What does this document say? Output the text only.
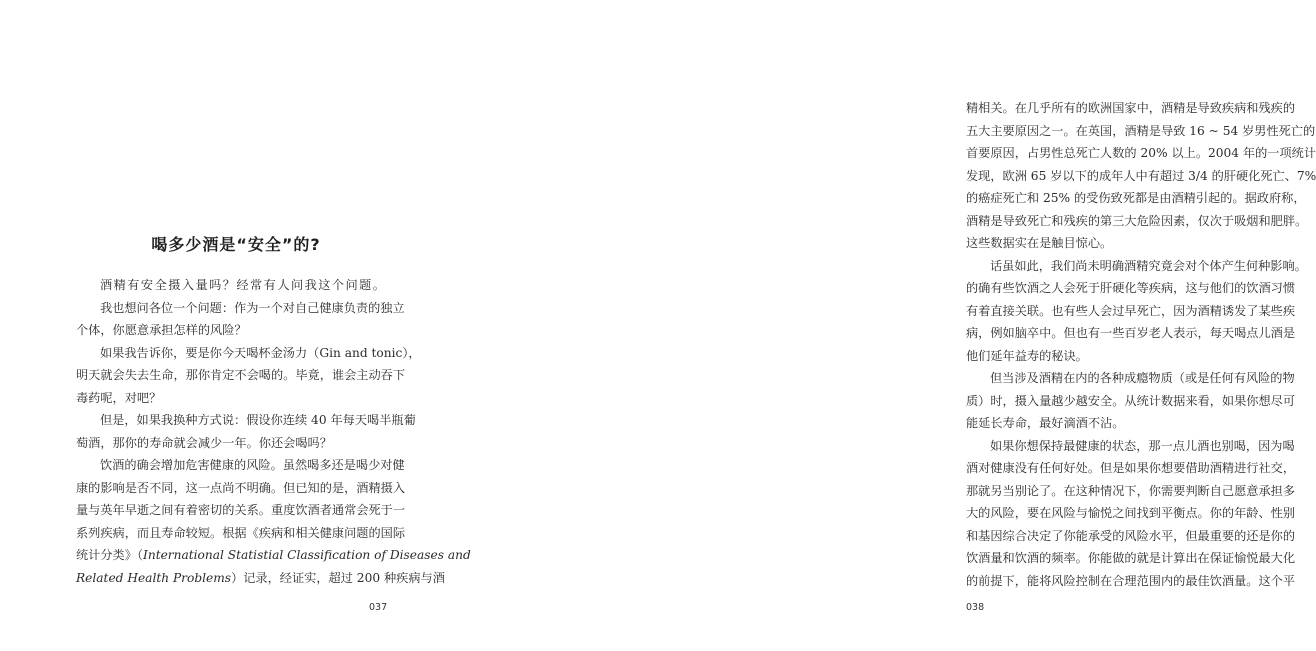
喝多少酒是“安全”的?
酒精有安全摄入量吗？经常有人问我这个问题。
我也想问各位一个问题：作为一个对自己健康负责的独立
个体，你愿意承担怎样的风险？
如果我告诉你，要是你今天喝杯金汤力（Gin and tonic），
明天就会失去生命，那你肯定不会喝的。毕竟，谁会主动吞下
毒药呢，对吧？
但是，如果我换种方式说：假设你连续 40 年每天喝半瓶葡
萄酒，那你的寿命就会减少一年。你还会喝吗？
饮酒的确会增加危害健康的风险。虽然喝多还是喝少对健
康的影响是否不同，这一点尚不明确。但已知的是，酒精摄入
量与英年早逝之间有着密切的关系。重度饮酒者通常会死于一
系列疾病，而且寿命较短。根据《疾病和相关健康问题的国际
统计分类》（International Statistial Classification of Diseases and
Related Health Problems）记录，经证实，超过 200 种疾病与酒
037
精相关。在几乎所有的欧洲国家中，酒精是导致疾病和残疾的
五大主要原因之一。在英国，酒精是导致 16 ~ 54 岁男性死亡的
首要原因，占男性总死亡人数的 20% 以上。2004 年的一项统计
发现，欧洲 65 岁以下的成年人中有超过 3/4 的肝硬化死亡、7%
的癌症死亡和 25% 的受伤致死都是由酒精引起的。据政府称，
酒精是导致死亡和残疾的第三大危险因素，仅次于吸烟和肥胖。
这些数据实在是触目惊心。
话虽如此，我们尚未明确酒精究竟会对个体产生何种影响。
的确有些饮酒之人会死于肝硬化等疾病，这与他们的饮酒习惯
有着直接关联。也有些人会过早死亡，因为酒精诱发了某些疾
病，例如脑卒中。但也有一些百岁老人表示，每天喝点儿酒是
他们延年益寿的秘诀。
但当涉及酒精在内的各种成瘾物质（或是任何有风险的物
质）时，摄入量越少越安全。从统计数据来看，如果你想尽可
能延长寿命，最好滴酒不沾。
如果你想保持最健康的状态，那一点儿酒也别喝，因为喝
酒对健康没有任何好处。但是如果你想要借助酒精进行社交，
那就另当别论了。在这种情况下，你需要判断自己愿意承担多
大的风险，要在风险与愉悦之间找到平衡点。你的年龄、性别
和基因综合决定了你能承受的风险水平，但最重要的还是你的
饮酒量和饮酒的频率。你能做的就是计算出在保证愉悦最大化
的前提下，能将风险控制在合理范围内的最佳饮酒量。这个平
038
